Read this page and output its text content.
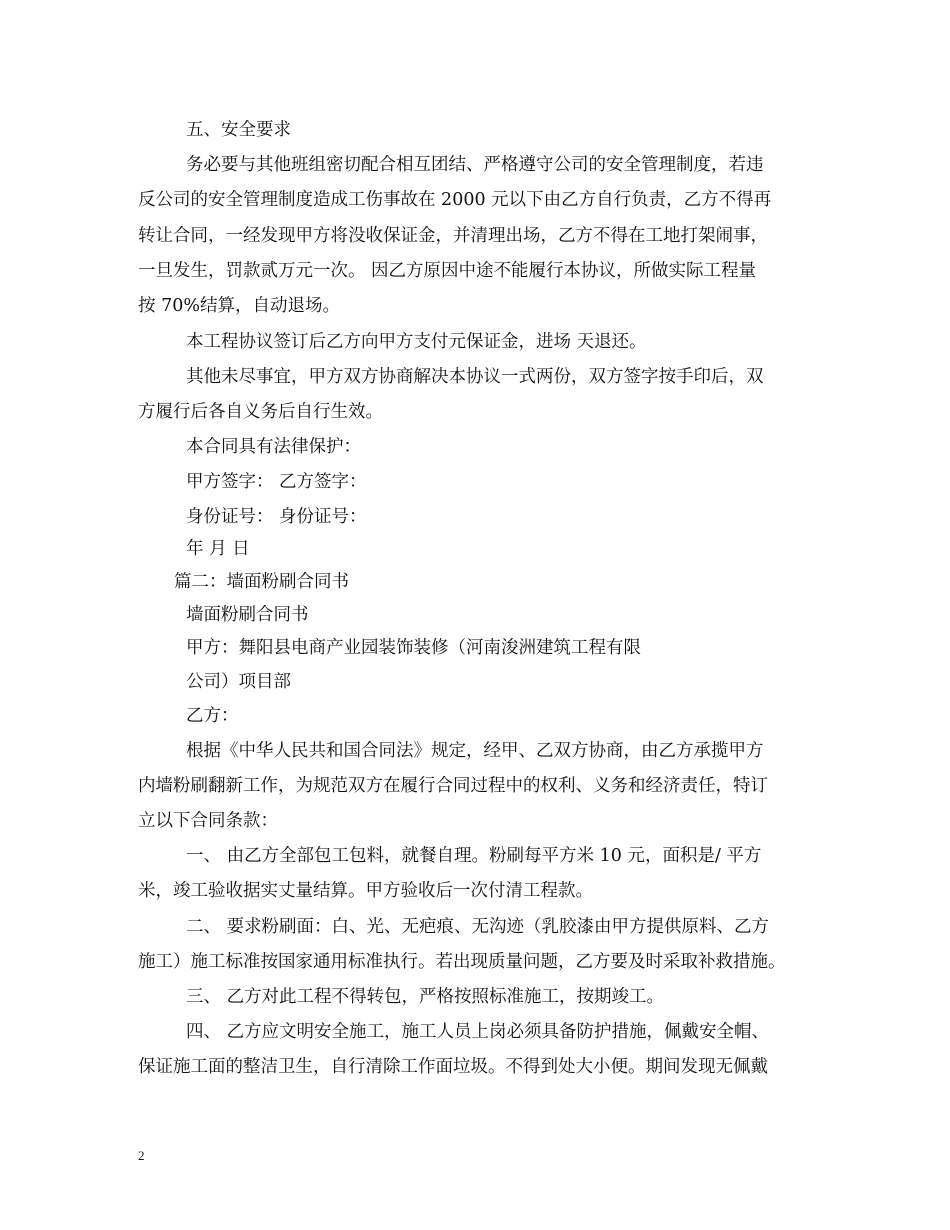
五、安全要求
务必要与其他班组密切配合相互团结、严格遵守公司的安全管理制度，若违
反公司的安全管理制度造成工伤事故在 2000 元以下由乙方自行负责，乙方不得再
转让合同，一经发现甲方将没收保证金，并清理出场，乙方不得在工地打架闹事，
一旦发生，罚款贰万元一次。 因乙方原因中途不能履行本协议，所做实际工程量
按 70%结算，自动退场。
本工程协议签订后乙方向甲方支付元保证金，进场 天退还。
其他未尽事宜，甲方双方协商解决本协议一式两份，双方签字按手印后，双
方履行后各自义务后自行生效。
本合同具有法律保护：
甲方签字： 乙方签字：
身份证号： 身份证号：
年 月 日
篇二：墙面粉刷合同书
墙面粉刷合同书
甲方：舞阳县电商产业园装饰装修（河南浚洲建筑工程有限
公司）项目部
乙方：
根据《中华人民共和国合同法》规定，经甲、乙双方协商，由乙方承揽甲方
内墙粉刷翻新工作，为规范双方在履行合同过程中的权利、义务和经济责任，特订
立以下合同条款：
一、 由乙方全部包工包料，就餐自理。粉刷每平方米 10 元，面积是/ 平方
米，竣工验收据实丈量结算。甲方验收后一次付清工程款。
二、 要求粉刷面：白、光、无疤痕、无沟迹（乳胶漆由甲方提供原料、乙方
施工）施工标准按国家通用标准执行。若出现质量问题，乙方要及时采取补救措施。
三、 乙方对此工程不得转包，严格按照标准施工，按期竣工。
四、 乙方应文明安全施工，施工人员上岗必须具备防护措施，佩戴安全帽、
保证施工面的整洁卫生，自行清除工作面垃圾。不得到处大小便。期间发现无佩戴
2
